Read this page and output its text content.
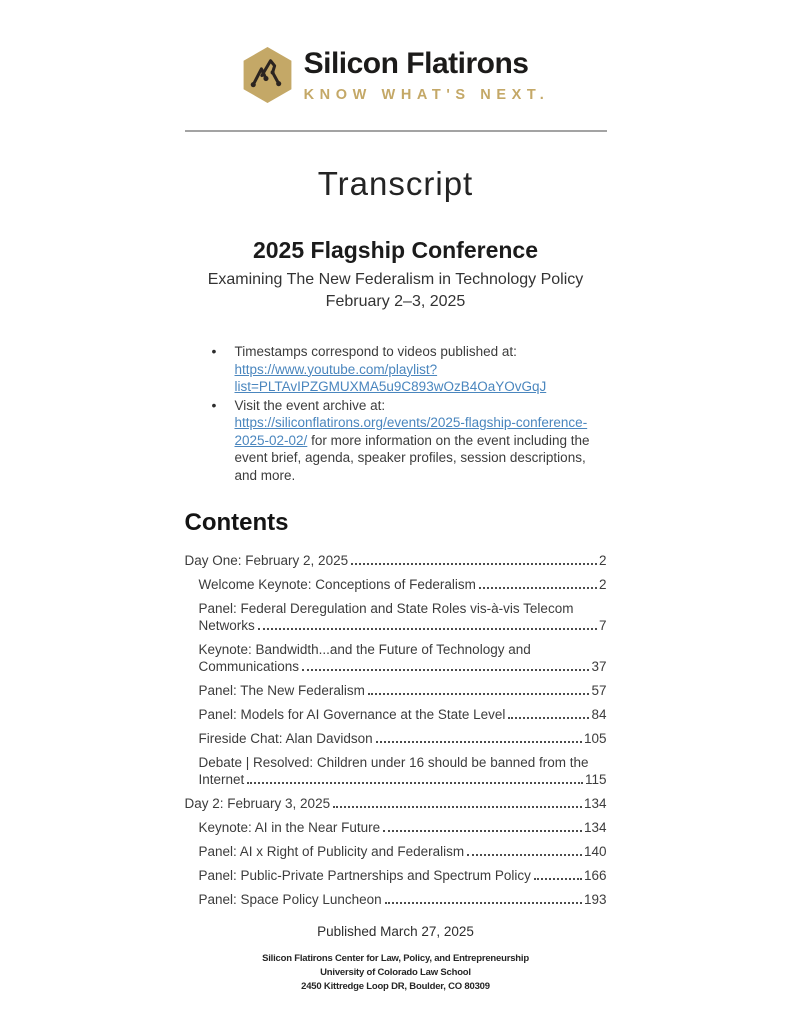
Silicon Flatirons
KNOW WHAT'S NEXT.
Transcript
2025 Flagship Conference
Examining The New Federalism in Technology Policy
February 2–3, 2025
• Timestamps correspond to videos published at:
https://www.youtube.com/playlist?list=PLTAvIPZGMUXMA5u9C893wOzB4OaYOvGqJ
• Visit the event archive at:
https://siliconflatirons.org/events/2025-flagship-conference-2025-02-02/ for more information on the event including the event brief, agenda, speaker profiles, session descriptions, and more.
Contents
Day One: February 2, 2025	2
Welcome Keynote: Conceptions of Federalism	2
Panel: Federal Deregulation and State Roles vis-à-vis Telecom
Networks	7
Keynote: Bandwidth...and the Future of Technology and
Communications	37
Panel: The New Federalism	57
Panel: Models for AI Governance at the State Level	84
Fireside Chat: Alan Davidson	105
Debate | Resolved: Children under 16 should be banned from the
Internet	115
Day 2: February 3, 2025	134
Keynote: AI in the Near Future	134
Panel: AI x Right of Publicity and Federalism	140
Panel: Public-Private Partnerships and Spectrum Policy	166
Panel: Space Policy Luncheon	193
Published March 27, 2025
Silicon Flatirons Center for Law, Policy, and Entrepreneurship
University of Colorado Law School
2450 Kittredge Loop DR, Boulder, CO 80309
